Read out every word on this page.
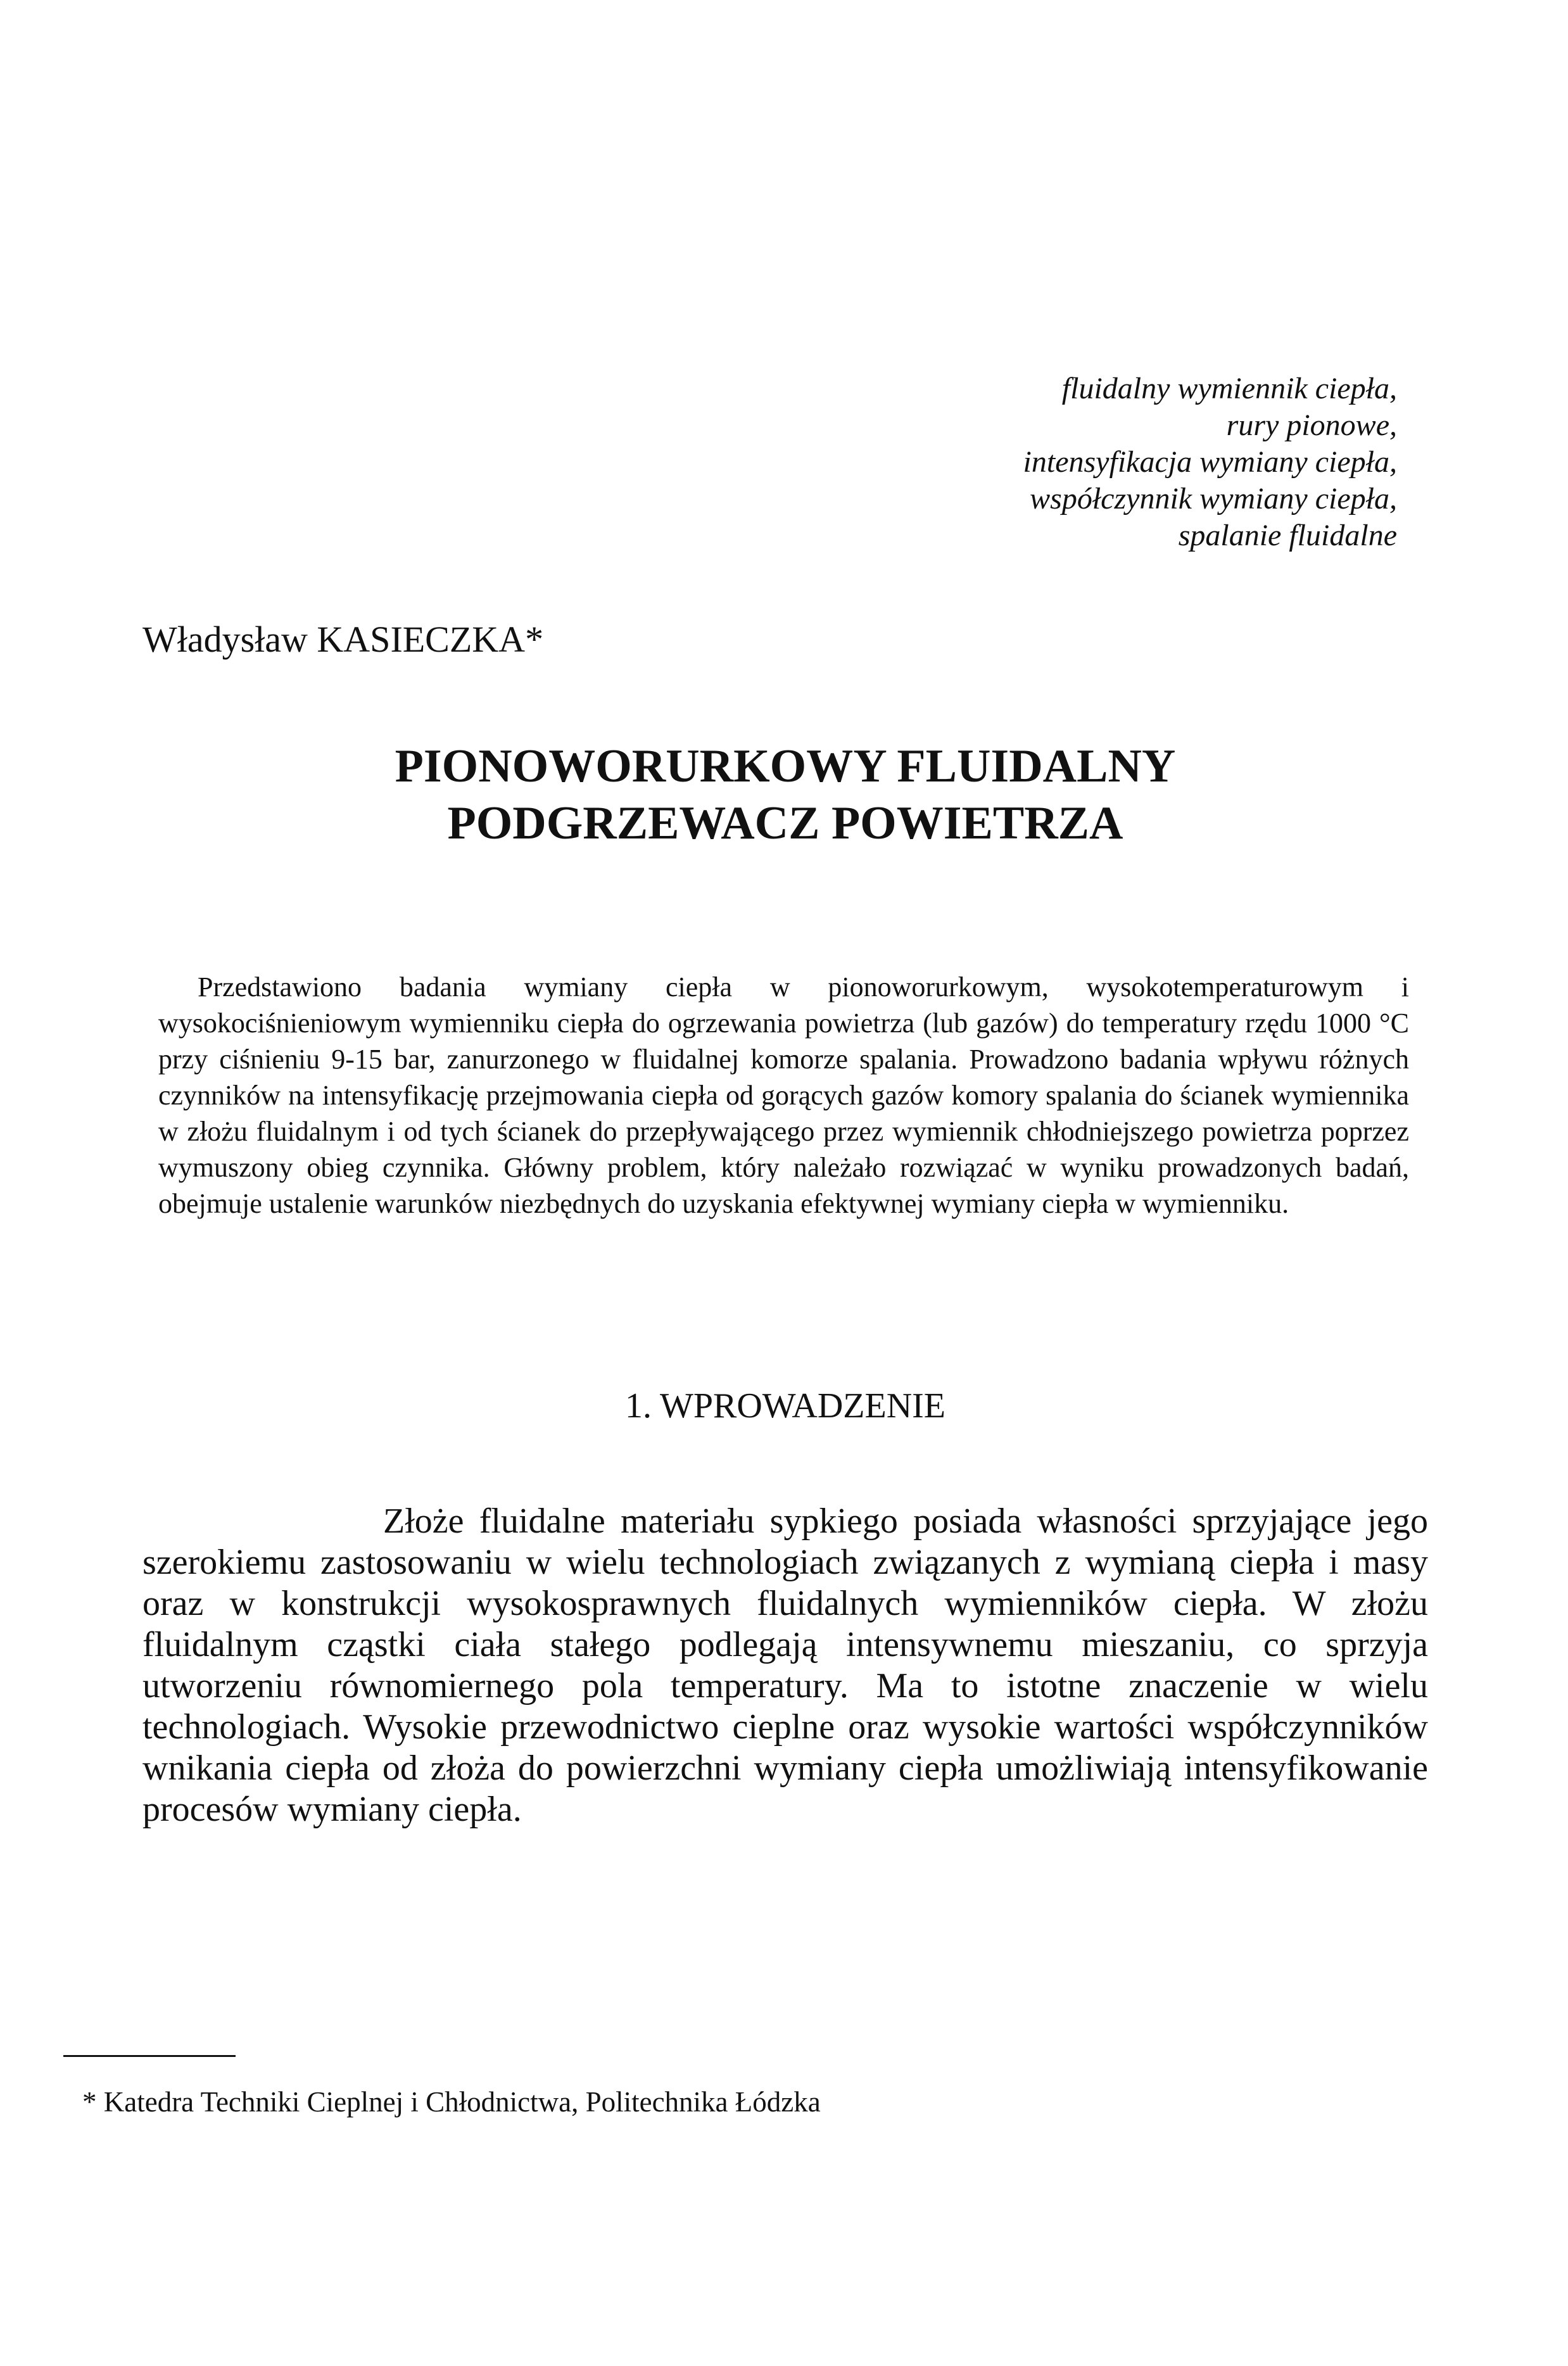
fluidalny wymiennik ciepła,
rury pionowe,
intensyfikacja wymiany ciepła,
współczynnik wymiany ciepła,
spalanie fluidalne
Władysław KASIECZKA*
PIONOWORURKOWY FLUIDALNY
PODGRZEWACZ POWIETRZA

Przedstawiono badania wymiany ciepła w pionoworurkowym, wysokotemperaturowym i wysokociśnieniowym wymienniku ciepła do ogrzewania powietrza (lub gazów) do temperatury rzędu 1000 °C przy ciśnieniu 9-15 bar, zanurzonego w fluidalnej komorze spalania. Prowadzono badania wpływu różnych czynników na intensyfikację przejmowania ciepła od gorących gazów komory spalania do ścianek wymiennika w złożu fluidalnym i od tych ścianek do przepływającego przez wymiennik chłodniejszego powietrza poprzez wymuszony obieg czynnika. Główny problem, który należało rozwiązać w wyniku prowadzonych badań, obejmuje ustalenie warunków niezbędnych do uzyskania efektywnej wymiany ciepła w wymienniku.

1. WPROWADZENIE

Złoże fluidalne materiału sypkiego posiada własności sprzyjające jego szerokiemu zastosowaniu w wielu technologiach związanych z wymianą ciepła i masy oraz w konstrukcji wysokosprawnych fluidalnych wymienników ciepła. W złożu fluidalnym cząstki ciała stałego podlegają intensywnemu mieszaniu, co sprzyja utworzeniu równomiernego pola temperatury. Ma to istotne znaczenie w wielu technologiach. Wysokie przewodnictwo cieplne oraz wysokie wartości współczynników wnikania ciepła od złoża do powierzchni wymiany ciepła umożliwiają intensyfikowanie procesów wymiany ciepła.

* Katedra Techniki Cieplnej i Chłodnictwa, Politechnika Łódzka
